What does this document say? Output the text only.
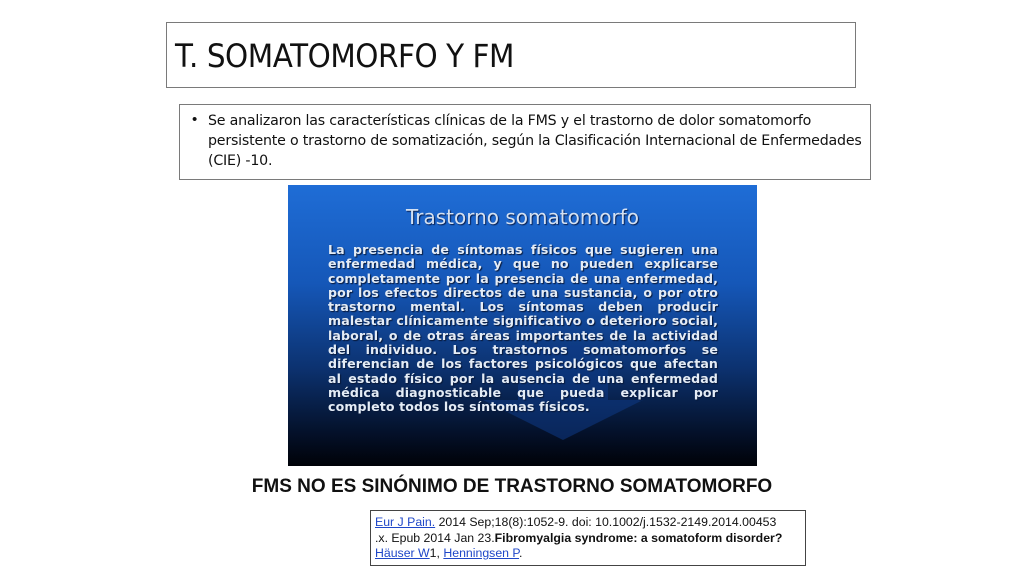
T. SOMATOMORFO Y FM
• Se analizaron las características clínicas de la FMS y el trastorno de dolor somatomorfo persistente o trastorno de somatización, según la Clasificación Internacional de Enfermedades (CIE) -10.
Trastorno somatomorfo
La presencia de síntomas físicos que sugieren una enfermedad médica, y que no pueden explicarse completamente por la presencia de una enfermedad, por los efectos directos de una sustancia, o por otro trastorno mental. Los síntomas deben producir malestar clínicamente significativo o deterioro social, laboral, o de otras áreas importantes de la actividad del individuo. Los trastornos somatomorfos se diferencian de los factores psicológicos que afectan al estado físico por la ausencia de una enfermedad médica diagnosticable que pueda explicar por completo todos los síntomas físicos.
FMS NO ES SINÓNIMO DE TRASTORNO SOMATOMORFO
Eur J Pain. 2014 Sep;18(8):1052-9. doi: 10.1002/j.1532-2149.2014.00453
.x. Epub 2014 Jan 23.Fibromyalgia syndrome: a somatoform disorder?
Häuser W1, Henningsen P.
